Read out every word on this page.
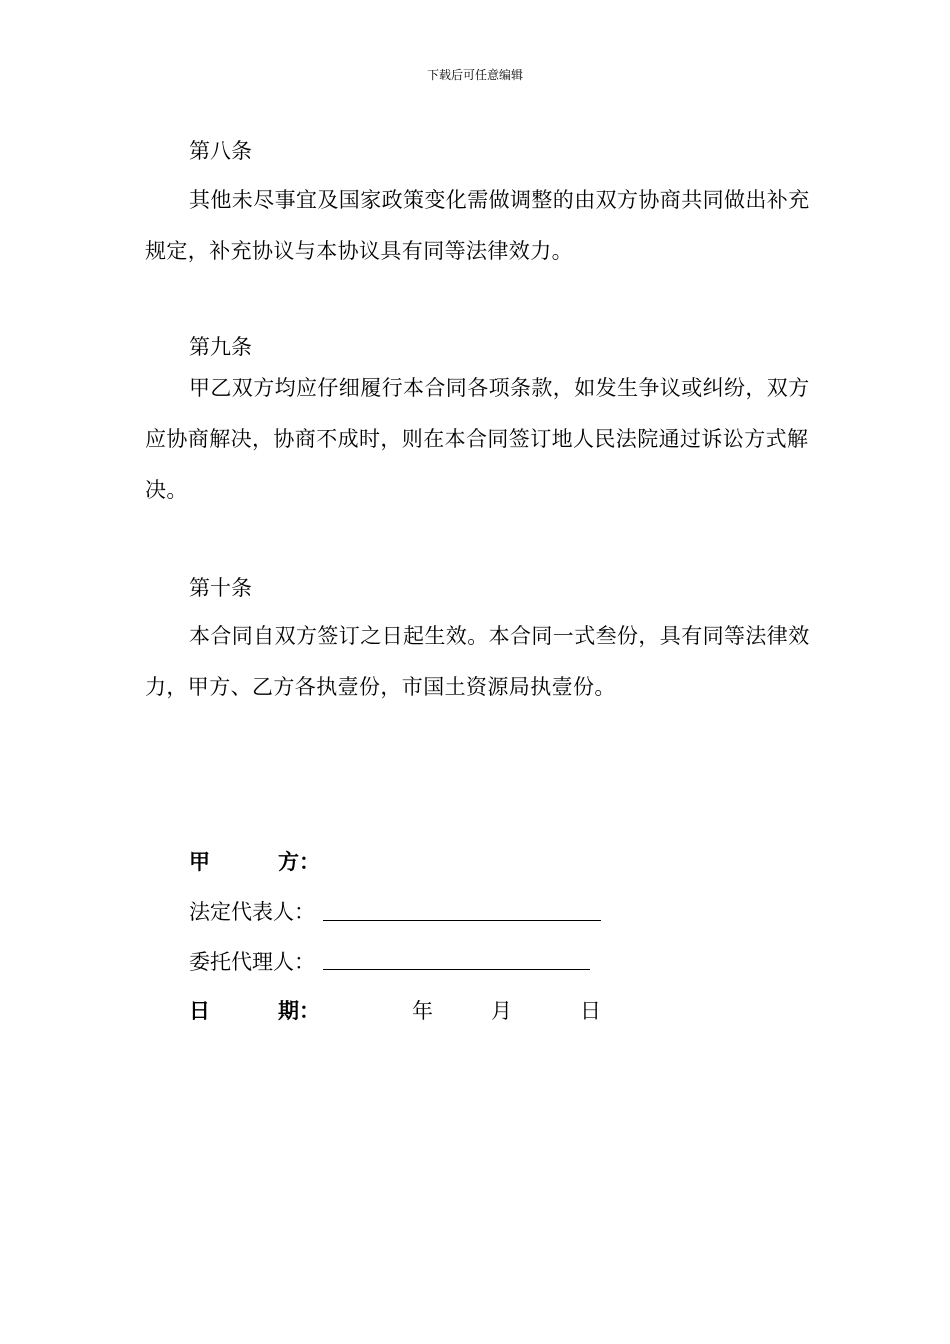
下载后可任意编辑
第八条

其他未尽事宜及国家政策变化需做调整的由双方协商共同做出补充规定，补充协议与本协议具有同等法律效力。

第九条

甲乙双方均应仔细履行本合同各项条款，如发生争议或纠纷，双方应协商解决，协商不成时，则在本合同签订地人民法院通过诉讼方式解决。

第十条

本合同自双方签订之日起生效。本合同一式叁份，具有同等法律效力，甲方、乙方各执壹份，市国土资源局执壹份。

甲	方：
法定代表人：
委托代理人：
日	期：	年	月	日
